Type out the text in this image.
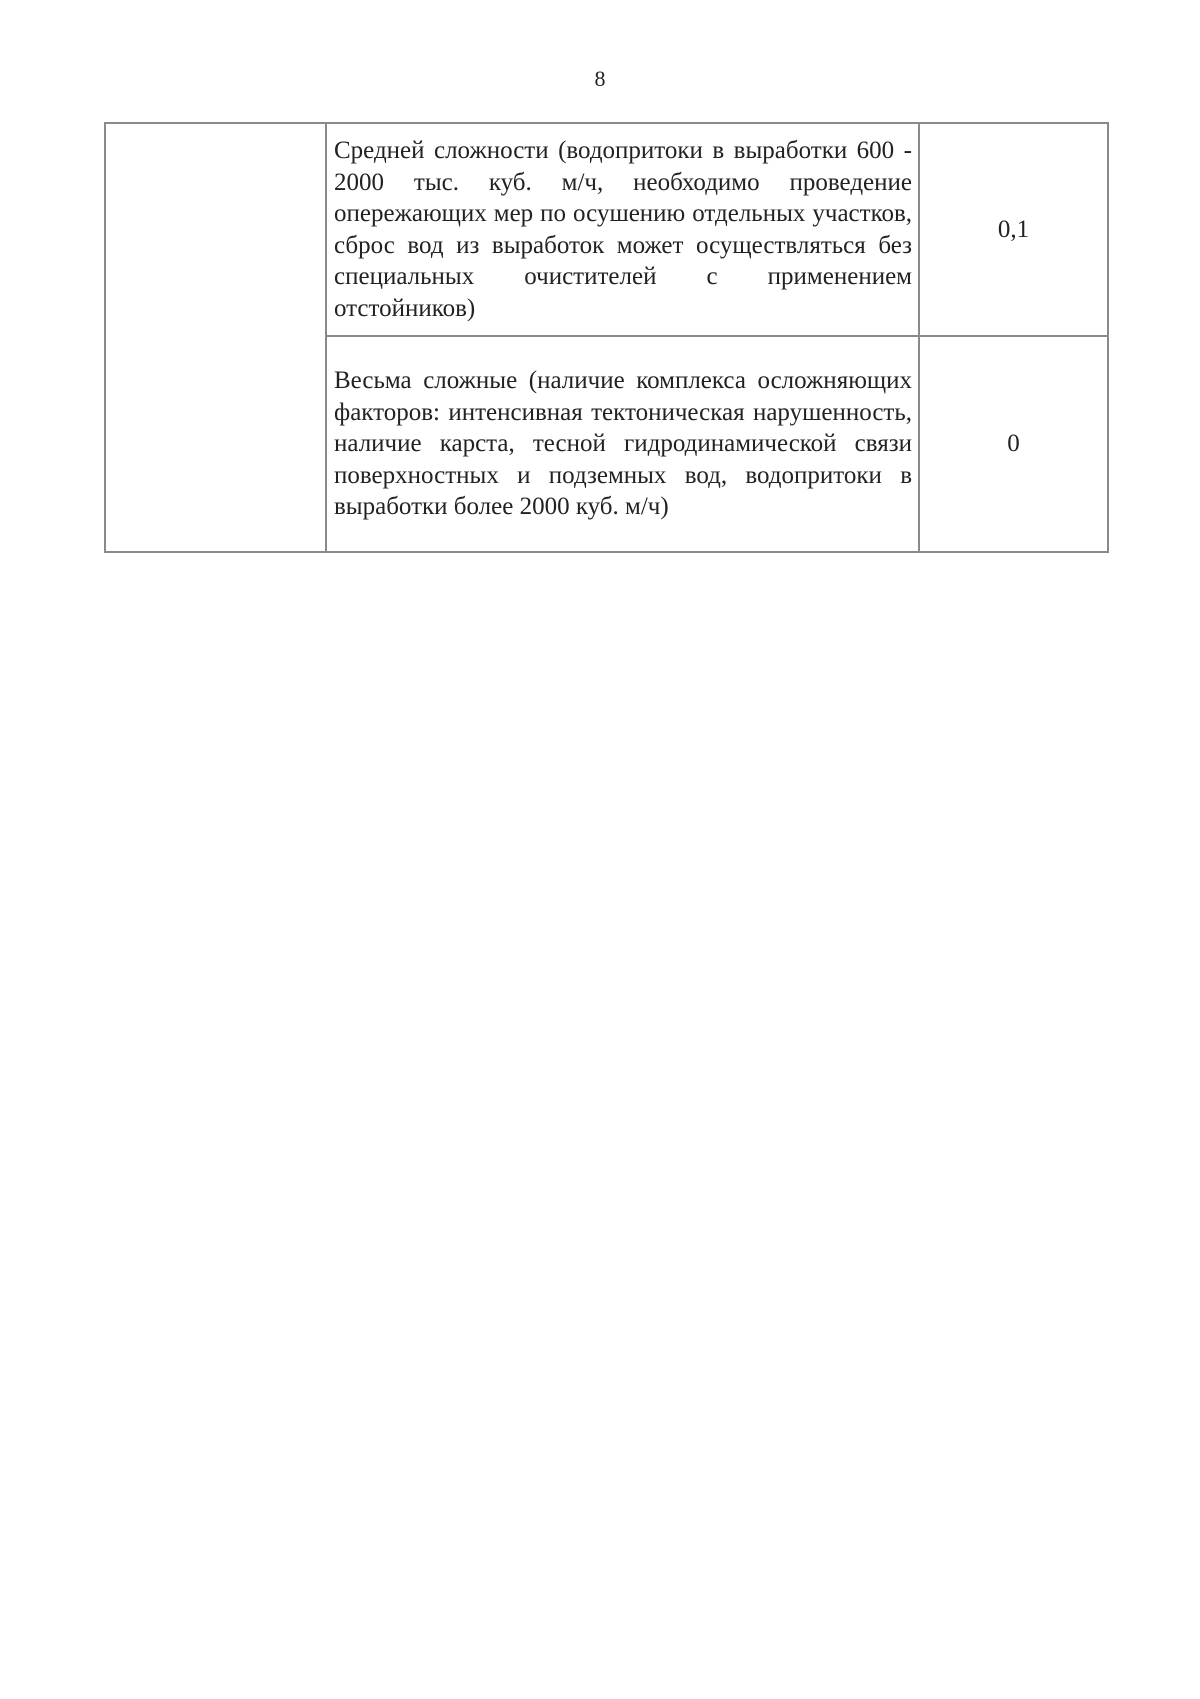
8
	Средней сложности (водопритоки в выработки 600 - 2000 тыс. куб. м/ч, необходимо проведение опережающих мер по осушению отдельных участков, сброс вод из выработок может осуществляться без специальных очистителей с применением отстойников)	0,1
	Весьма сложные (наличие комплекса осложняющих факторов: интенсивная тектоническая нарушенность, наличие карста, тесной гидродинамической связи поверхностных и подземных вод, водопритоки в выработки более 2000 куб. м/ч)	0
